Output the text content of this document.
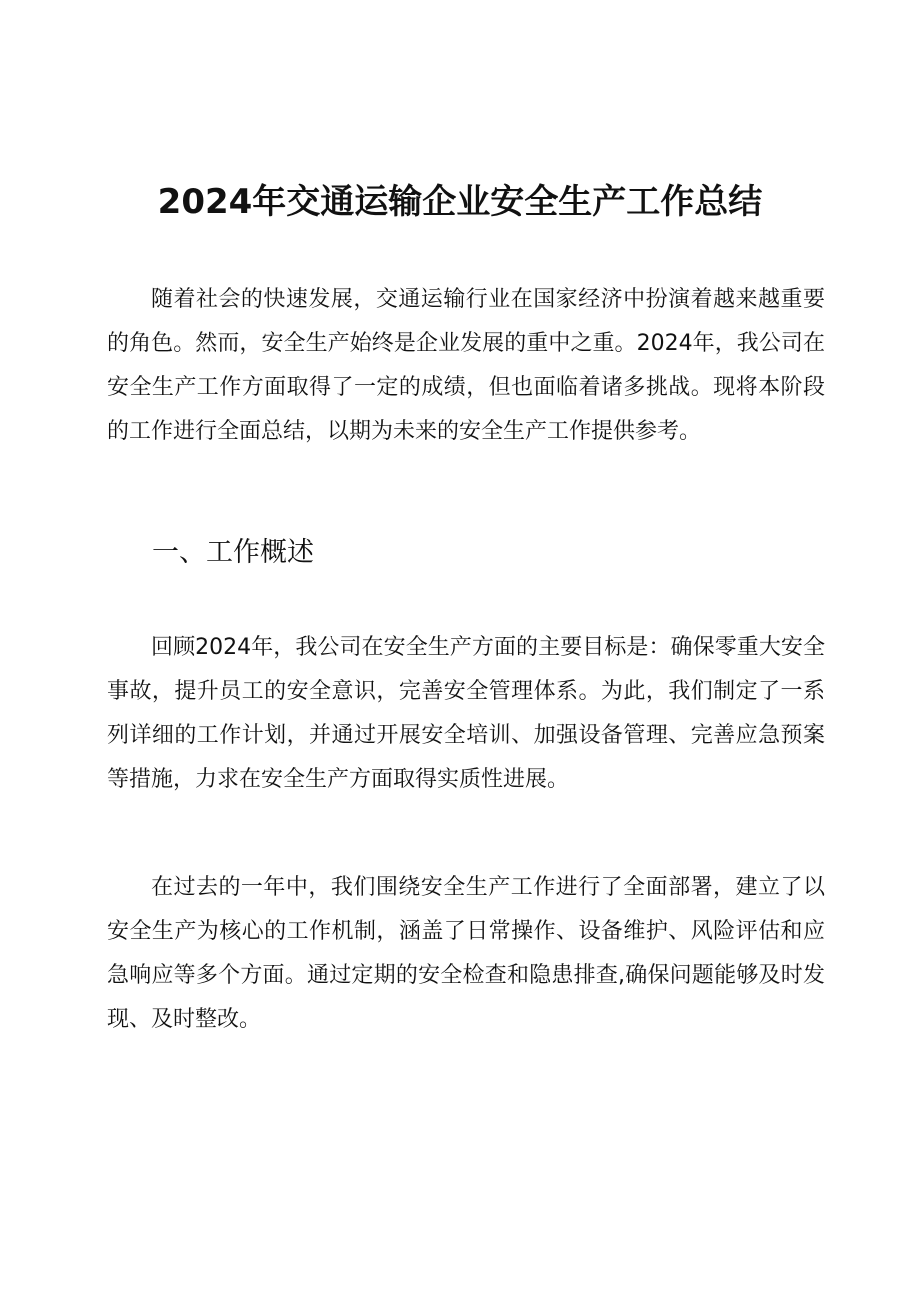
2024年交通运输企业安全生产工作总结

随着社会的快速发展，交通运输行业在国家经济中扮演着越来越重要的角色。然而，安全生产始终是企业发展的重中之重。2024年，我公司在安全生产工作方面取得了一定的成绩，但也面临着诸多挑战。现将本阶段的工作进行全面总结，以期为未来的安全生产工作提供参考。

一、工作概述

回顾2024年，我公司在安全生产方面的主要目标是：确保零重大安全事故，提升员工的安全意识，完善安全管理体系。为此，我们制定了一系列详细的工作计划，并通过开展安全培训、加强设备管理、完善应急预案等措施，力求在安全生产方面取得实质性进展。

在过去的一年中，我们围绕安全生产工作进行了全面部署，建立了以安全生产为核心的工作机制，涵盖了日常操作、设备维护、风险评估和应急响应等多个方面。通过定期的安全检查和隐患排查,确保问题能够及时发现、及时整改。
